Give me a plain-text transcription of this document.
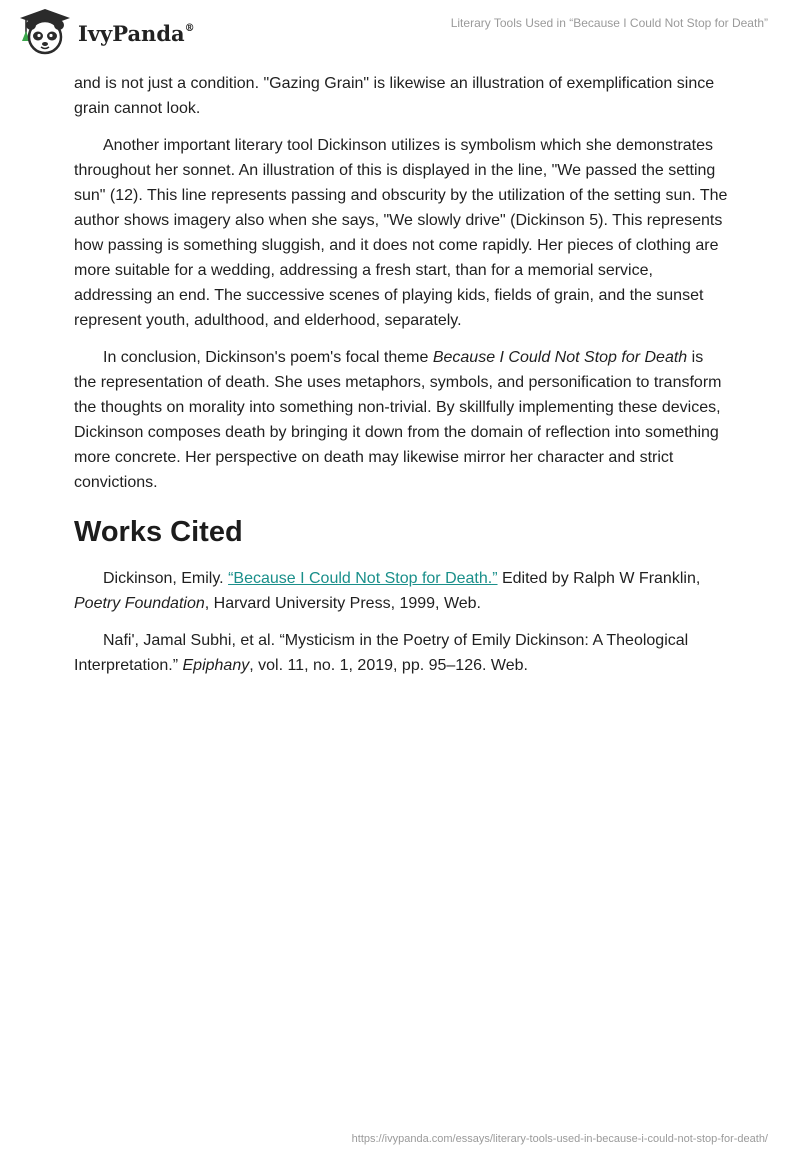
IvyPanda®	Literary Tools Used in “Because I Could Not Stop for Death”

and is not just a condition. "Gazing Grain" is likewise an illustration of exemplification since grain cannot look.

Another important literary tool Dickinson utilizes is symbolism which she demonstrates throughout her sonnet. An illustration of this is displayed in the line, "We passed the setting sun" (12). This line represents passing and obscurity by the utilization of the setting sun. The author shows imagery also when she says, "We slowly drive" (Dickinson 5). This represents how passing is something sluggish, and it does not come rapidly. Her pieces of clothing are more suitable for a wedding, addressing a fresh start, than for a memorial service, addressing an end. The successive scenes of playing kids, fields of grain, and the sunset represent youth, adulthood, and elderhood, separately.

In conclusion, Dickinson's poem's focal theme Because I Could Not Stop for Death is the representation of death. She uses metaphors, symbols, and personification to transform the thoughts on morality into something non-trivial. By skillfully implementing these devices, Dickinson composes death by bringing it down from the domain of reflection into something more concrete. Her perspective on death may likewise mirror her character and strict convictions.

Works Cited

Dickinson, Emily. “Because I Could Not Stop for Death.” Edited by Ralph W Franklin, Poetry Foundation, Harvard University Press, 1999, Web.

Nafi', Jamal Subhi, et al. “Mysticism in the Poetry of Emily Dickinson: A Theological Interpretation.” Epiphany, vol. 11, no. 1, 2019, pp. 95–126. Web.

https://ivypanda.com/essays/literary-tools-used-in-because-i-could-not-stop-for-death/
